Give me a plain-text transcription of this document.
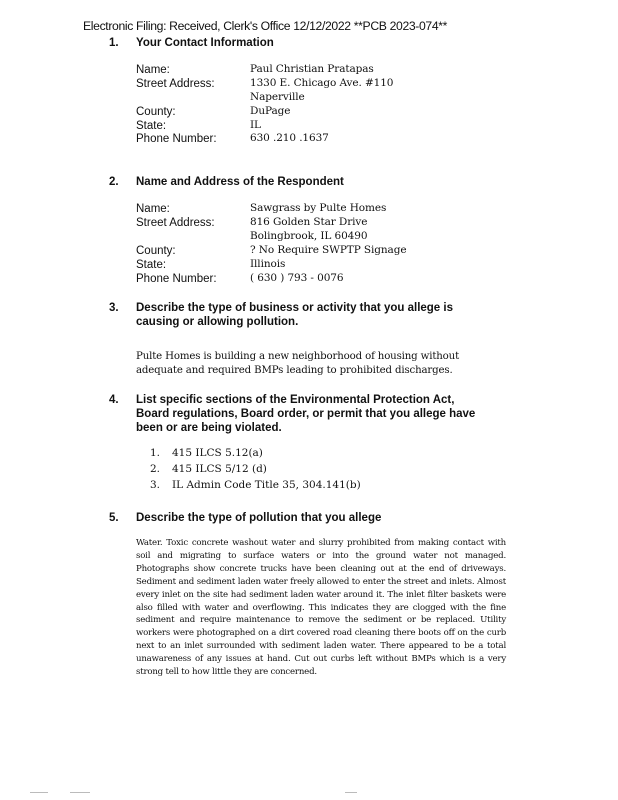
Electronic Filing: Received, Clerk's Office 12/12/2022 **PCB 2023-074**
1. Your Contact Information
Name:	Paul Christian Pratapas
Street Address:	1330 E. Chicago Ave. #110
Naperville
County:	DuPage
State:	IL
Phone Number:	630 .210 .1637
2. Name and Address of the Respondent
Name:	Sawgrass by Pulte Homes
Street Address:	816 Golden Star Drive
Bolingbrook, IL 60490
County:	? No Require SWPTP Signage
State:	Illinois
Phone Number:	( 630 ) 793 - 0076
3. Describe the type of business or activity that you allege is
causing or allowing pollution.
Pulte Homes is building a new neighborhood of housing without
adequate and required BMPs leading to prohibited discharges.
4. List specific sections of the Environmental Protection Act,
Board regulations, Board order, or permit that you allege have
been or are being violated.
1. 415 ILCS 5.12(a)
2. 415 ILCS 5/12 (d)
3. IL Admin Code Title 35, 304.141(b)
5. Describe the type of pollution that you allege
Water. Toxic concrete washout water and slurry prohibited from making contact with soil and migrating to surface waters or into the ground water not managed. Photographs show concrete trucks have been cleaning out at the end of driveways. Sediment and sediment laden water freely allowed to enter the street and inlets. Almost every inlet on the site had sediment laden water around it. The inlet filter baskets were also filled with water and overflowing. This indicates they are clogged with the fine sediment and require maintenance to remove the sediment or be replaced. Utility workers were photographed on a dirt covered road cleaning there boots off on the curb next to an inlet surrounded with sediment laden water. There appeared to be a total unawareness of any issues at hand. Cut out curbs left without BMPs which is a very strong tell to how little they are concerned.
